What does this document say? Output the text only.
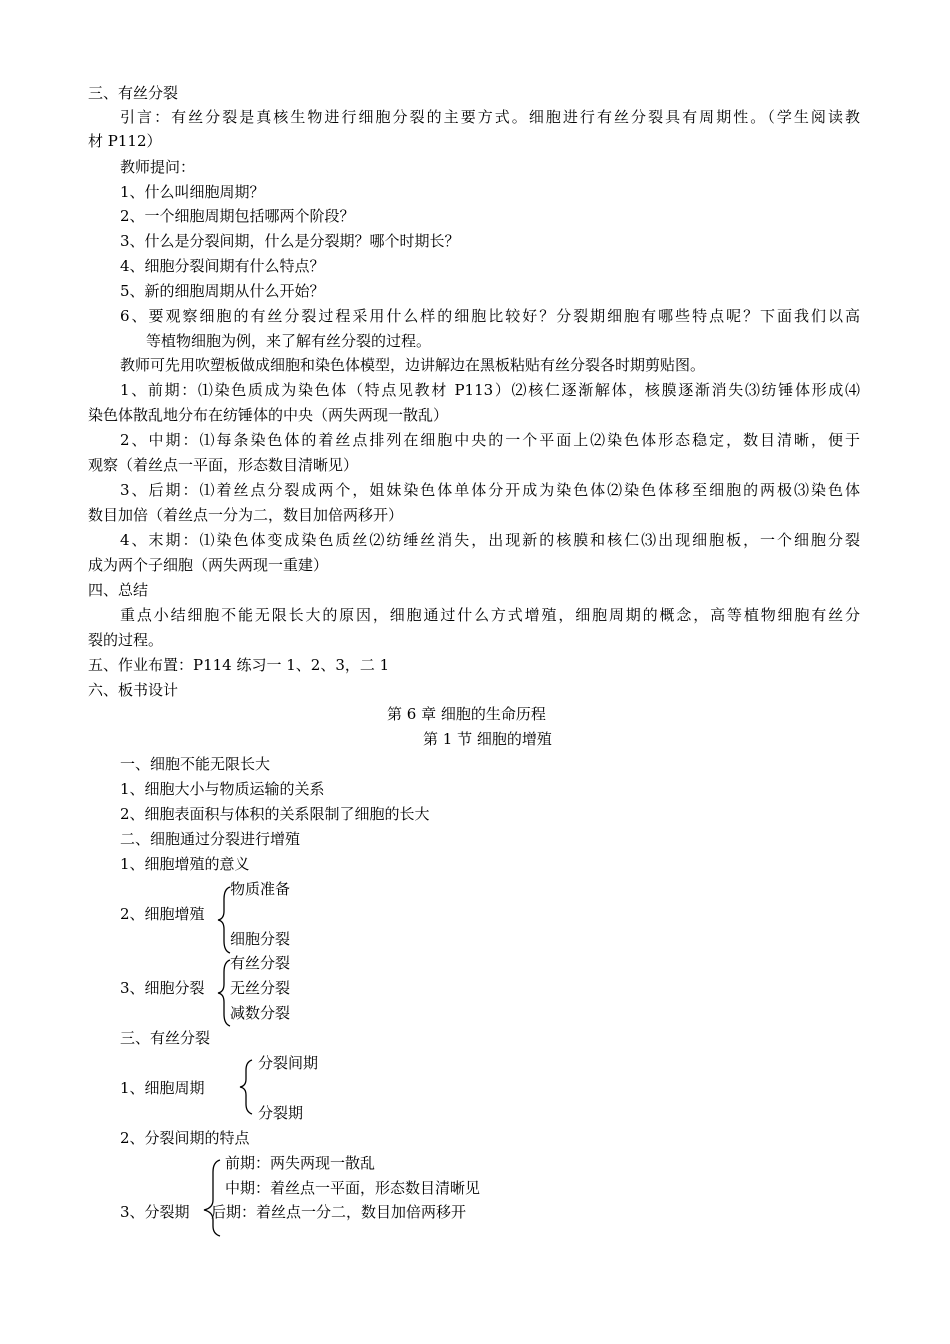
三、有丝分裂
引言：有丝分裂是真核生物进行细胞分裂的主要方式。细胞进行有丝分裂具有周期性。（学生阅读教
材 P112）
教师提问：
1、什么叫细胞周期？
2、一个细胞周期包括哪两个阶段？
3、什么是分裂间期，什么是分裂期？哪个时期长？
4、细胞分裂间期有什么特点？
5、新的细胞周期从什么开始？
6、要观察细胞的有丝分裂过程采用什么样的细胞比较好？分裂期细胞有哪些特点呢？下面我们以高
等植物细胞为例，来了解有丝分裂的过程。
教师可先用吹塑板做成细胞和染色体模型，边讲解边在黑板粘贴有丝分裂各时期剪贴图。
1、前期：⑴染色质成为染色体（特点见教材 P113）⑵核仁逐渐解体，核膜逐渐消失⑶纺锤体形成⑷
染色体散乱地分布在纺锤体的中央（两失两现一散乱）
2、中期：⑴每条染色体的着丝点排列在细胞中央的一个平面上⑵染色体形态稳定，数目清晰，便于
观察（着丝点一平面，形态数目清晰见）
3、后期：⑴着丝点分裂成两个，姐妹染色体单体分开成为染色体⑵染色体移至细胞的两极⑶染色体
数目加倍（着丝点一分为二，数目加倍两移开）
4、末期：⑴染色体变成染色质丝⑵纺缍丝消失，出现新的核膜和核仁⑶出现细胞板，一个细胞分裂
成为两个子细胞（两失两现一重建）
四、总结
重点小结细胞不能无限长大的原因，细胞通过什么方式增殖，细胞周期的概念，高等植物细胞有丝分
裂的过程。
五、作业布置：P114 练习一 1、2、3，二 1
六、板书设计
第 6 章 细胞的生命历程
第 1 节 细胞的增殖
一、细胞不能无限长大
1、细胞大小与物质运输的关系
2、细胞表面积与体积的关系限制了细胞的长大
二、细胞通过分裂进行增殖
1、细胞增殖的意义
物质准备
2、细胞增殖
细胞分裂
有丝分裂
3、细胞分裂 无丝分裂
减数分裂
三、有丝分裂
分裂间期
1、细胞周期
分裂期
2、分裂间期的特点
前期：两失两现一散乱
中期：着丝点一平面，形态数目清晰见
3、分裂期 后期：着丝点一分二，数目加倍两移开
